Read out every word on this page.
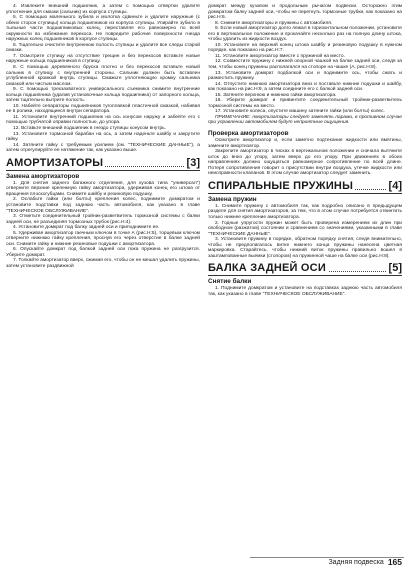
4. Извлеките внешний подшипник, а затем с помощью отвертки удалите уплотнение для смазки (сальник) из корпуса ступицы.

5. С помощью маленького зубила и молотка сдвиньте и удалите наружные (с обеих сторон ступицы) кольца подшипников из корпуса ступицы. Упирайте зубило в тыльные части подшипниковых колец, переставляя его равномерно по всей окружности во избежание перекоса. Не повредите рабочие поверхности гнезда наружных колец подшипников в корпусе ступицы.

6. Тщательно очистите внутреннюю полость ступицы и удалите все следы старой смазки.

7. Осмотрите ступицу на отсутствие трещин и без перекосов вставьте новые наружные кольца подшипников в ступицу.

8. С помощью деревянного бруска плотно и без перекосов вставьте новый сальник в ступицу с внутренней стороны. Сальник должен быть вставлен углубленной кромкой внутрь ступицы. Смажьте уплотняющую кромку сальника смазкой или чистым маслом.

9. С помощью трехзахватного универсального съемника снимите внутренние кольца подшипника (удалив установочные кольца подшипника) от запорного кольца, затем тщательно вытрите полость.

10. Набейте сепараторы подшипников тугоплавкой пластичной смазкой, набивая ее в ролики, находящиеся внутри сепаратора.

11. Установите внутренний подшипник на ось конусом наружу и забейте его с помощью трубчатой оправки полностью, до упора.

12. Вставьте внешний подшипник в гнездо ступицы конусом внутрь.

13. Установите тормозной барабан на ось, а затем наденьте шайбу и закрутите гайку.

14. Затяните гайку с требуемым усилием (см. "ТЕХНИЧЕСКИЕ ДАННЫЕ"), а затем отрегулируйте ее натяжение так, как указано выше.

АМОРТИЗАТОРЫ	[3]
Замена амортизаторов

1. Для снятия заднего багажного отделения, для кузова типа "универсал") отверните верхние крепежную гайку амортизатора, удерживая конец его штока от вращения плоскогубцами. Снимите шайбу и резиновую подушку.

2. Ослабьте гайки (или болты) крепления колес, поднимите домкратом и установите подставки под заднюю часть автомобиля, как указано в главе "ТЕХНИЧЕСКОЕ ОБСЛУЖИВАНИЕ".

3. Отметьте соединительный тройник-разветвитель тормозной системы с балки задней оси, не разъединяя тормозных трубок (рис.Н:4).

4. Установите домкрат под балку задней оси и приподнимите ее.

5. Удерживая амортизатор гаечным ключом в точке А (рис.Н:5), торцевым ключом отверните нижнюю гайку крепления, проснув его через отверстие в балке задней оси. Снимите гайку и нижние резиновые подушки с амортизатора.

6. Опускайте домкрат под балкой задней оси пока пружина не разгрузится. Уберите домкрат.

7. Толкайте амортизатор вверх, сжимая его, чтобы он не мешал удалить пружины, затем установите раздвижной

домкрат между кузовом и продольным рычагом подвески. Осторожно этим домкратом балку задней оси, чтобы не перегнуть тормозные трубки, как показано на рис.Н:6.

8. Снимите амортизаторы и пружины с автомобиля.

9. Если новый амортизатор долго лежал в горизонтальном положении, установите его в вертикальное положение и прокачайте несколько раз на полную длину штока, чтобы удалить из жидкости воздух.

10. Установите на верхний конец штока шайбу и резиновую подушку в нужном порядке, как показано на рис.Н:7.

11. Установите амортизатор вместе с пружиной на место.

12. Совместите пружину с нижней опорной чашкой на балке задней оси, следя за тем, чтобы конец пружины располагался на стопоре на чашке (А, рис.Н:8).

13. Установите домкрат подбалкой оси и поднимите ось, чтобы сжать и разместить пружину.

14. Отпустите нижнюю амортизатора вниз и поставьте нижние подушки и шайбу, как показано на рис.Н:9, а затем соедините его с балкой задней оси.

15. Затяните верхнюю и нижнюю гайки амортизатора.

16. Уберите домкрат и привинтите соединительный тройник-разветвитель тормозной системы на место.

17. Установите колеса, опустите машину затяните гайки (или болты) колес.

ПРИМЕЧАНИЕ: Амортизаторы следует заменять парами, в противном случае при управлении автомобилем будут неприятные ощущения.

Проверка амортизаторов

Осмотрите амортизатор и, если заметно подтекание жидкости или вмятины, замените амортизатор.

Закрепите амортизатор в тисках в вертикальном положении и сначала вытяните шток до вниз до упору, затем вверх до его упору. При движениях в обоих направлениях должно ощущаться равномерное сопротивление по всей длине. Потеря сопротивления говорит о присутствии внутри воздуха, утечке жидкости или неисправности клапанов. В этом случае амортизатор следует заменить.

СПИРАЛЬНЫЕ ПРУЖИНЫ	[4]
Замена пружин

1. Снимите пружину с автомобиля так, как подробно описано в предыдущем разделе для снятия амортизаторов, за тем, что в этом случае потребуется отвинтить только нижнее крепление амортизатора.

2. Годные упругости пружин может быть проверена измерением их длин при свободном (разжатом) состоянии и сравнением со значениями, указанными в главе "ТЕХНИЧЕСКИЕ ДАННЫЕ".

3. Установите пружину в порядке, обратном порядку снятия, следя внимательно, чтобы не предполагалось витке нижнего конца пружины нанесена цветная маркировка. Старайтесь, чтобы нижний виток пружины правильно вошел в заштампованные выемки (стопором) на пружинной чаше на балке оси (рис.Н:8).

БАЛКА ЗАДНЕЙ ОСИ	[5]
Снятие балки

1. Поднимите домкратом и установите на подставках заднюю часть автомобиля так, как указано в главе "ТЕХНИЧЕСКОЕ ОБСЛУЖИВАНИЕ".

Задняя подвеска 165
